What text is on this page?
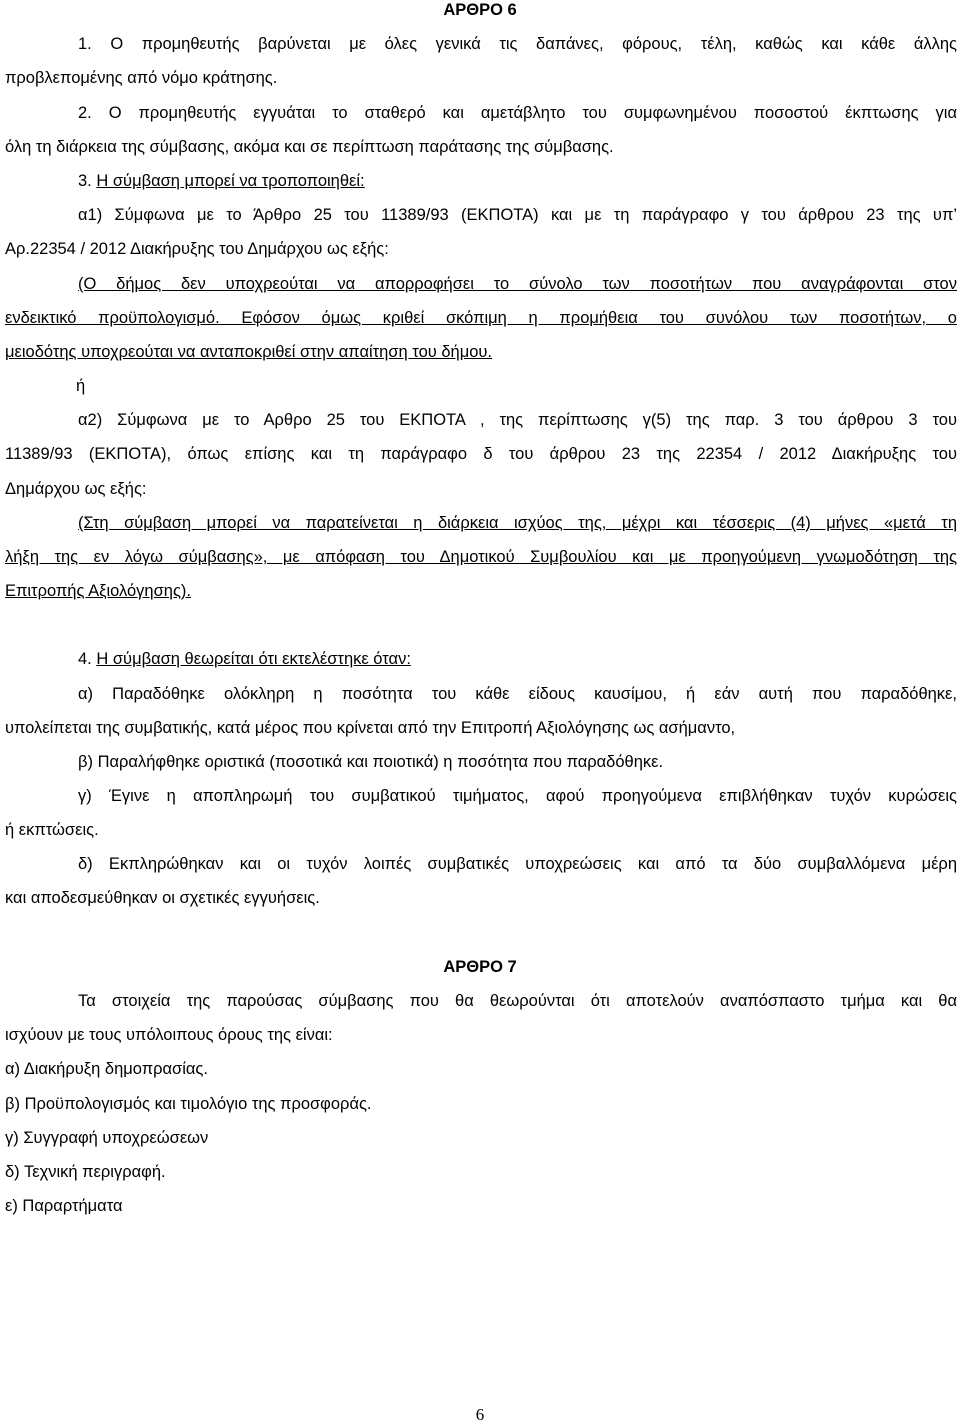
ΑΡΘΡΟ 6
1. Ο προμηθευτής βαρύνεται με όλες γενικά τις δαπάνες, φόρους, τέλη, καθώς και κάθε άλλης
προβλεπομένης από νόμο κράτησης.
2. Ο προμηθευτής εγγυάται το σταθερό και αμετάβλητο του συμφωνημένου ποσοστού έκπτωσης για
όλη τη διάρκεια της σύμβασης, ακόμα και σε περίπτωση παράτασης της σύμβασης.
3. Η σύμβαση μπορεί να τροποποιηθεί:
α1) Σύμφωνα με το Άρθρο 25 του 11389/93 (ΕΚΠΟΤΑ) και με τη παράγραφο γ του άρθρου 23 της υπ’
Αρ.22354 / 2012 Διακήρυξης του Δημάρχου ως εξής:
(Ο δήμος δεν υποχρεούται να απορροφήσει το σύνολο των ποσοτήτων που αναγράφονται στον
ενδεικτικό προϋπολογισμό. Εφόσον όμως κριθεί σκόπιμη η προμήθεια του συνόλου των ποσοτήτων, ο
μειοδότης υποχρεούται να ανταποκριθεί στην απαίτηση του δήμου.
ή
α2) Σύμφωνα με το Αρθρο 25 του ΕΚΠΟΤΑ , της περίπτωσης γ(5) της παρ. 3 του άρθρου 3 του
11389/93 (ΕΚΠΟΤΑ), όπως επίσης και τη παράγραφο δ του άρθρου 23 της 22354 / 2012 Διακήρυξης του
Δημάρχου ως εξής:
(Στη σύμβαση μπορεί να παρατείνεται η διάρκεια ισχύος της, μέχρι και τέσσερις (4) μήνες «μετά τη
λήξη της εν λόγω σύμβασης», με απόφαση του Δημοτικού Συμβουλίου και με προηγούμενη γνωμοδότηση της
Επιτροπής Αξιολόγησης).
4. Η σύμβαση θεωρείται ότι εκτελέστηκε όταν:
α) Παραδόθηκε ολόκληρη η ποσότητα του κάθε είδους καυσίμου, ή εάν αυτή που παραδόθηκε,
υπολείπεται της συμβατικής, κατά μέρος που κρίνεται από την Επιτροπή Αξιολόγησης ως ασήμαντο,
β) Παραλήφθηκε οριστικά (ποσοτικά και ποιοτικά) η ποσότητα που παραδόθηκε.
γ) Έγινε η αποπληρωμή του συμβατικού τιμήματος, αφού προηγούμενα επιβλήθηκαν τυχόν κυρώσεις
ή εκπτώσεις.
δ) Εκπληρώθηκαν και οι τυχόν λοιπές συμβατικές υποχρεώσεις και από τα δύο συμβαλλόμενα μέρη
και αποδεσμεύθηκαν οι σχετικές εγγυήσεις.
ΑΡΘΡΟ 7
Τα στοιχεία της παρούσας σύμβασης που θα θεωρούνται ότι αποτελούν αναπόσπαστο τμήμα και θα
ισχύουν με τους υπόλοιπους όρους της είναι:
α) Διακήρυξη δημοπρασίας.
β) Προϋπολογισμός και τιμολόγιο της προσφοράς.
γ) Συγγραφή υποχρεώσεων
δ) Τεχνική περιγραφή.
ε) Παραρτήματα
6
